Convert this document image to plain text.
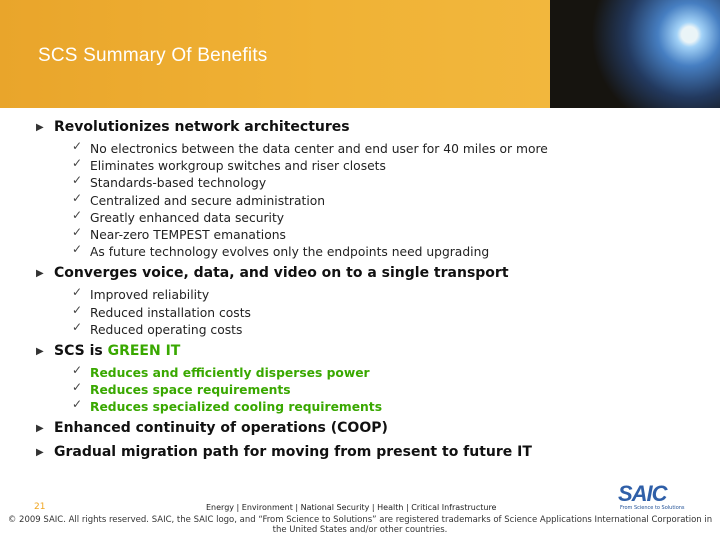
SCS Summary Of Benefits
▶ Revolutionizes network architectures
✓ No electronics between the data center and end user for 40 miles or more
✓ Eliminates workgroup switches and riser closets
✓ Standards-based technology
✓ Centralized and secure administration
✓ Greatly enhanced data security
✓ Near-zero TEMPEST emanations
✓ As future technology evolves only the endpoints need upgrading
▶ Converges voice, data, and video on to a single transport
✓ Improved reliability
✓ Reduced installation costs
✓ Reduced operating costs
▶ SCS is GREEN IT
✓ Reduces and efficiently disperses power
✓ Reduces space requirements
✓ Reduces specialized cooling requirements
▶ Enhanced continuity of operations (COOP)
▶ Gradual migration path for moving from present to future IT
21	Energy | Environment | National Security | Health | Critical Infrastructure
SAIC
From Science to Solutions
© 2009 SAIC. All rights reserved. SAIC, the SAIC logo, and “From Science to Solutions” are registered trademarks of Science Applications International Corporation in the United States and/or other countries.
